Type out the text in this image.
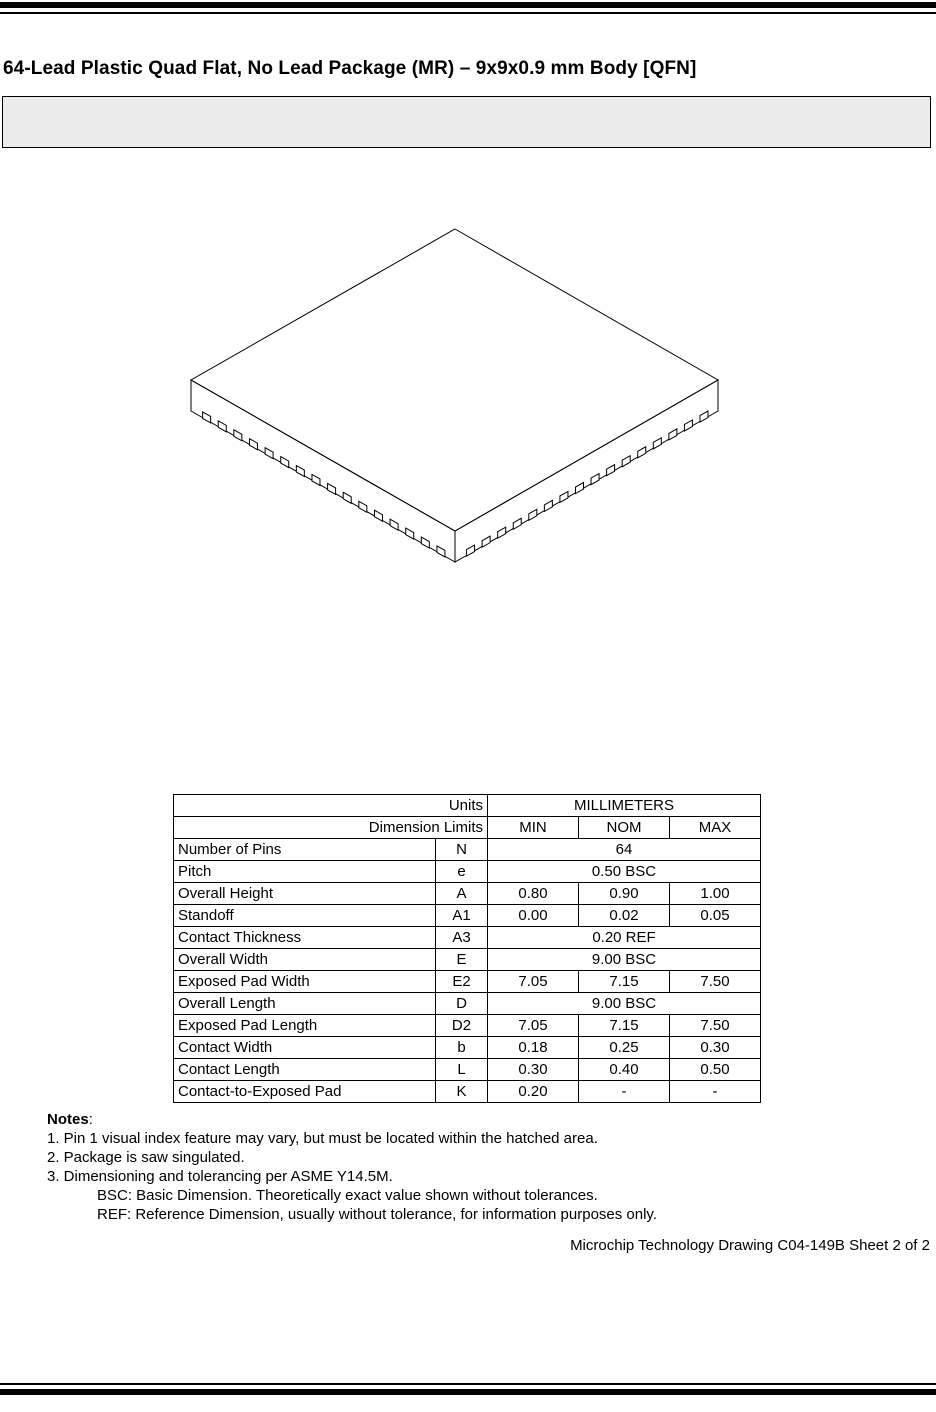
64-Lead Plastic Quad Flat, No Lead Package (MR) – 9x9x0.9 mm Body [QFN]
Units		MILLIMETERS		
Dimension Limits		MIN	NOM	MAX
Number of Pins	N	64		
Pitch	e	0.50 BSC		
Overall Height	A	0.80	0.90	1.00
Standoff	A1	0.00	0.02	0.05
Contact Thickness	A3	0.20 REF		
Overall Width	E	9.00 BSC		
Exposed Pad Width	E2	7.05	7.15	7.50
Overall Length	D	9.00 BSC		
Exposed Pad Length	D2	7.05	7.15	7.50
Contact Width	b	0.18	0.25	0.30
Contact Length	L	0.30	0.40	0.50
Contact-to-Exposed Pad	K	0.20	-	-
Notes:
1. Pin 1 visual index feature may vary, but must be located within the hatched area.
2. Package is saw singulated.
3. Dimensioning and tolerancing per ASME Y14.5M.
BSC: Basic Dimension. Theoretically exact value shown without tolerances.
REF: Reference Dimension, usually without tolerance, for information purposes only.
Microchip Technology Drawing C04-149B Sheet 2 of 2
